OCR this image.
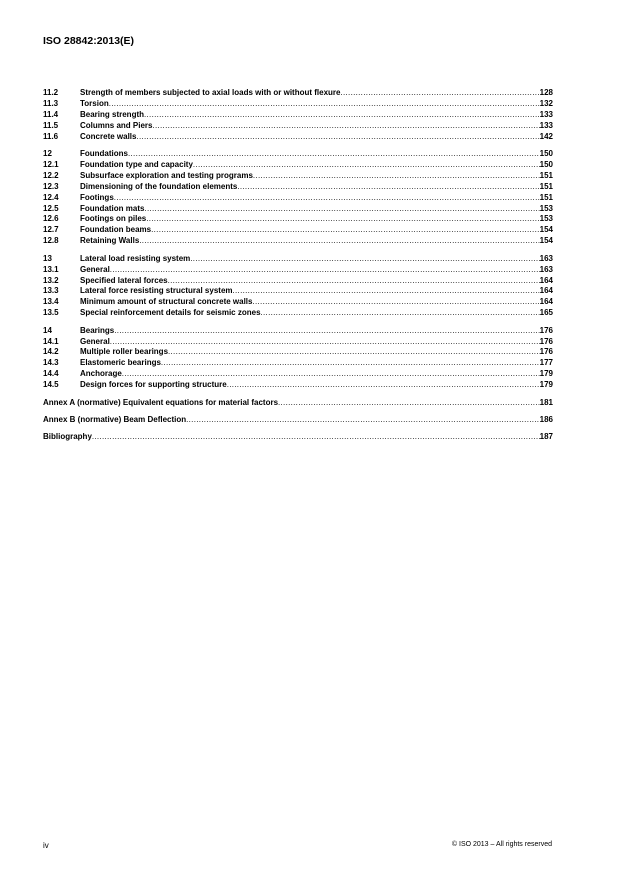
ISO 28842:2013(E)
11.2	Strength of members subjected to axial loads with or without flexure .....	128
11.3	Torsion .....	132
11.4	Bearing strength .....	133
11.5	Columns and Piers .....	133
11.6	Concrete walls .....	142
12	Foundations .....	150
12.1	Foundation type and capacity .....	150
12.2	Subsurface exploration and testing programs .....	151
12.3	Dimensioning of the foundation elements .....	151
12.4	Footings .....	151
12.5	Foundation mats .....	153
12.6	Footings on piles .....	153
12.7	Foundation beams .....	154
12.8	Retaining Walls .....	154
13	Lateral load resisting system .....	163
13.1	General .....	163
13.2	Specified lateral forces .....	164
13.3	Lateral force resisting structural system .....	164
13.4	Minimum amount of structural concrete walls .....	164
13.5	Special reinforcement details for seismic zones .....	165
14	Bearings .....	176
14.1	General .....	176
14.2	Multiple roller bearings .....	176
14.3	Elastomeric bearings .....	177
14.4	Anchorage .....	179
14.5	Design forces for supporting structure .....	179
Annex A (normative) Equivalent equations for material factors .....	181
Annex B (normative) Beam Deflection .....	186
Bibliography .....	187
iv	© ISO 2013 – All rights reserved
